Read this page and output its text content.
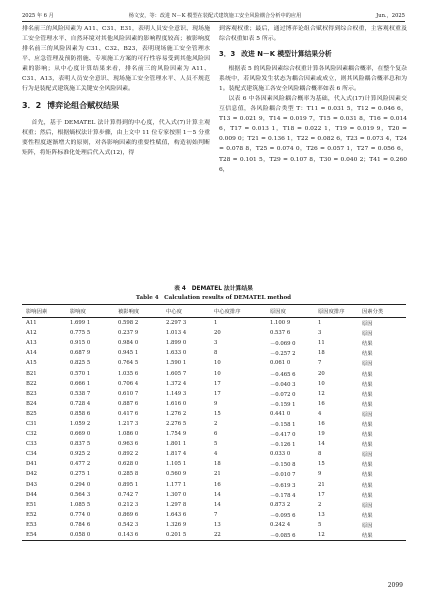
2025 年 6 月	杨文安，等：改进 N－K 模型在装配式建筑施工安全风险耦合分析中的应用	Jun.，2025

排名前三的风险因素为 A11、C31、E31，表明人员安全意识、现场施工安全管理水平、自然环境对其他风险因素的影响程度较高；被影响度排名前三的风险因素为 C31、C32、B23，表明现场施工安全管理水平、应急管理及预防措施、专项施工方案的可行性容易受到其他风险因素的影响；从中心度计算结果来看，排名前三的风险因素为 A11、C31、A13，表明人员安全意识、现场施工安全管理水平、人员不规范行为是装配式建筑施工关键安全风险因素。

3．2 博弈论组合赋权结果

首先，基于 DEMATEL 法计算得到的中心度，代入式(7)计算主观权重；然后，根据熵权法计算步骤，由上文中 11 位专家按照 1－5 分重要性程度逐渐增大的原则，对各影响因素的重要性赋值，构造初始判断矩阵，将矩阵标准化处理后代入式(12)，得

到客观权重；最后，通过博弈论组合赋权得到综合权重，主客观权重及综合权重如表 5 所示。

3．3 改进 N－K 模型计算结果分析

根据表 5 的风险因素综合权重计算各风险因素耦合概率，在整个复杂系统中，若风险发生状态为耦合因素或成立，则其风险耦合概率总和为 1。装配式建筑施工各安全风险耦合概率如表 6 所示。

以表 6 中各因素风险耦合概率为基础，代入式(17)计算风险因素交互信息值，各风险耦合类型 T：T11 = 0.031 5，T12 = 0.046 6，T13 = 0.021 9，T14 = 0.019 7，T15 = 0.031 8，T16 = 0.014 6，T17 = 0.013 1，T18 = 0.022 1，T19 = 0.019 9，T20 = 0.009 0；T21 = 0.136 1，T22 = 0.082 6，T23 = 0.073 4，T24 = 0.078 8，T25 = 0.074 0，T26 = 0.057 1，T27 = 0.056 6，T28 = 0.101 5，T29 = 0.107 8，T30 = 0.040 2；T41 = 0.260 6，

表 4　DEMATEL 法计算结果
Table 4　Calculation results of DEMATEL method
影响因素	影响度	被影响度	中心度	中心度排序	原因度	原因度排序	因素分类
A11	1.699 1	0.598 2	2.297 3	1	1.100 9	1	原因
A12	0.775 5	0.237 9	1.013 4	20	0.537 6	3	原因
A13	0.915 0	0.984 0	1.899 0	3	－0.069 0	11	结果
A14	0.687 9	0.945 1	1.633 0	8	－0.257 2	18	结果
A15	0.825 5	0.764 5	1.590 1	10	0.061 0	7	原因
B21	0.570 1	1.035 6	1.605 7	10	－0.465 6	20	结果
B22	0.666 1	0.706 4	1.372 4	17	－0.040 3	10	结果
B23	0.538 7	0.610 7	1.149 3	17	－0.072 0	12	结果
B24	0.728 4	0.887 6	1.616 0	9	－0.159 1	16	结果
B25	0.858 6	0.417 6	1.276 2	15	0.441 0	4	原因
C31	1.059 2	1.217 3	2.276 5	2	－0.158 1	16	结果
C32	0.669 0	1.086 0	1.754 9	6	－0.417 0	19	结果
C33	0.837 5	0.963 6	1.801 1	5	－0.126 1	14	结果
C34	0.925 2	0.892 2	1.817 4	4	0.033 0	8	原因
D41	0.477 2	0.628 0	1.105 1	18	－0.150 8	15	结果
D42	0.275 1	0.285 8	0.560 9	21	－0.010 7	9	结果
D43	0.294 0	0.895 1	1.177 1	16	－0.619 3	21	结果
D44	0.564 3	0.742 7	1.307 0	14	－0.178 4	17	结果
E51	1.085 5	0.212 3	1.297 8	14	0.873 2	2	原因
E52	0.774 0	0.869 6	1.643 6	7	－0.095 6	13	结果
E53	0.784 6	0.542 3	1.326 9	13	0.242 4	5	原因
E54	0.058 0	0.143 6	0.201 5	22	－0.085 6	12	结果
2099
